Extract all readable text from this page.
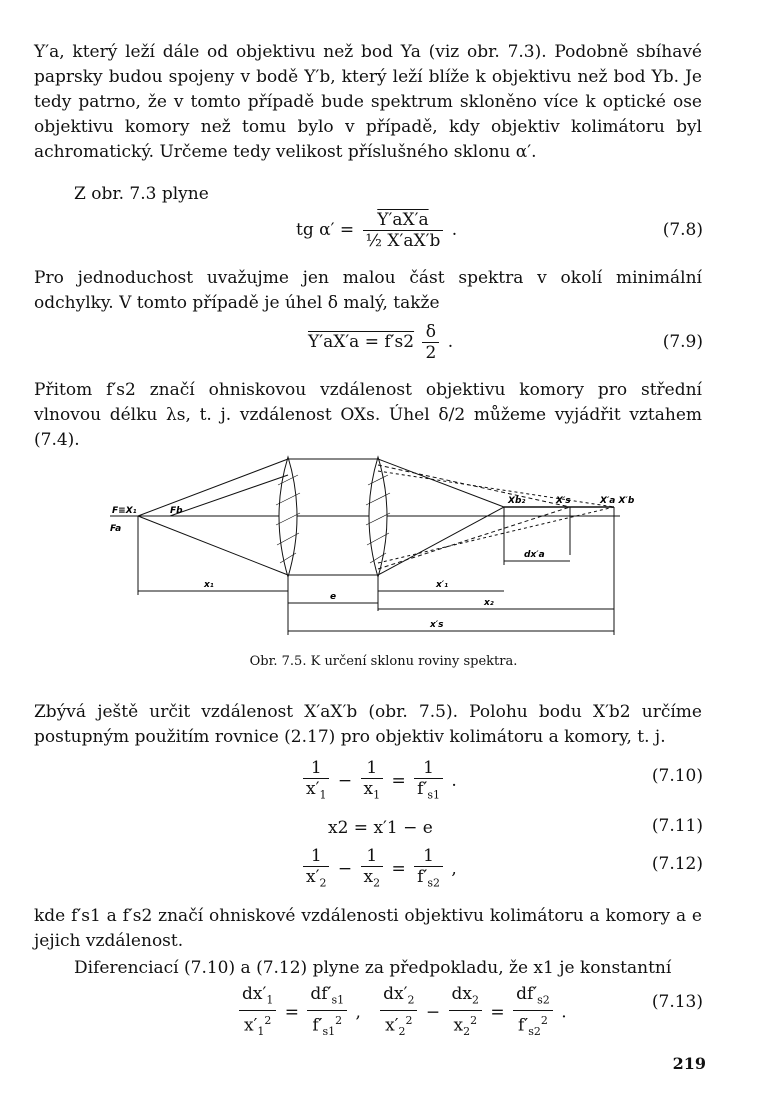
Y′a, který leží dále od objektivu než bod Ya (viz obr. 7.3). Podobně sbíhavé paprsky budou spojeny v bodě Y′b, který leží blíže k objektivu než bod Yb. Je tedy patrno, že v tomto případě bude spektrum skloněno více k optické ose objektivu komory než tomu bylo v případě, kdy objektiv kolimátoru byl achromatický. Určeme tedy velikost příslušného sklonu α′.
Z obr. 7.3 plyne
tg $\alpha' = \frac{Y'aX'a}{\text{½ X′aX′b}}$ .	(7.8)
Pro jednoduchost uvažujme jen malou část spektra v okolí minimální odchylky. V tomto případě je úhel δ malý, takže
$Y'aX'a = f's2 \frac{\delta}{2}$ .	(7.9)
Přitom f′s2 značí ohniskovou vzdálenost objektivu komory pro střední vlnovou délku λs, t. j. vzdálenost OXs. Úhel δ/2 můžeme vyjádřit vztahem (7.4).
F≡X₁
Fa
Fb
x₁
e
x′₁
x₂
x′s
dx′a
Xb₂	X′s	X′a X′b
Obr. 7.5. K určení sklonu roviny spektra.
Zbývá ještě určit vzdálenost X′aX′b (obr. 7.5). Polohu bodu X′b2 určíme postupným použitím rovnice (2.17) pro objektiv kolimátoru a komory, t. j.
$\frac{1}{x'_1} - \frac{1}{x_1} = \frac{1}{f'_{s1}}$ .	(7.10)
x2 = x′1 − e	(7.11)
$\frac{1}{x'_2} - \frac{1}{x_2} = \frac{1}{f'_{s2}}$ ,	(7.12)
kde f′s1 a f′s2 značí ohniskové vzdálenosti objektivu kolimátoru a komory a e jejich vzdálenost.
Diferenciací (7.10) a (7.12) plyne za předpokladu, že x1 je konstantní
$\frac{dx'_1}{x'_1^2} = \frac{df'_{s1}}{f'_{s1}^2}$ , $\frac{dx'_2}{x'_2^2} - \frac{dx_2}{x_2^2} = \frac{df'_{s2}}{f'_{s2}^2}$ .
(7.13)
219
